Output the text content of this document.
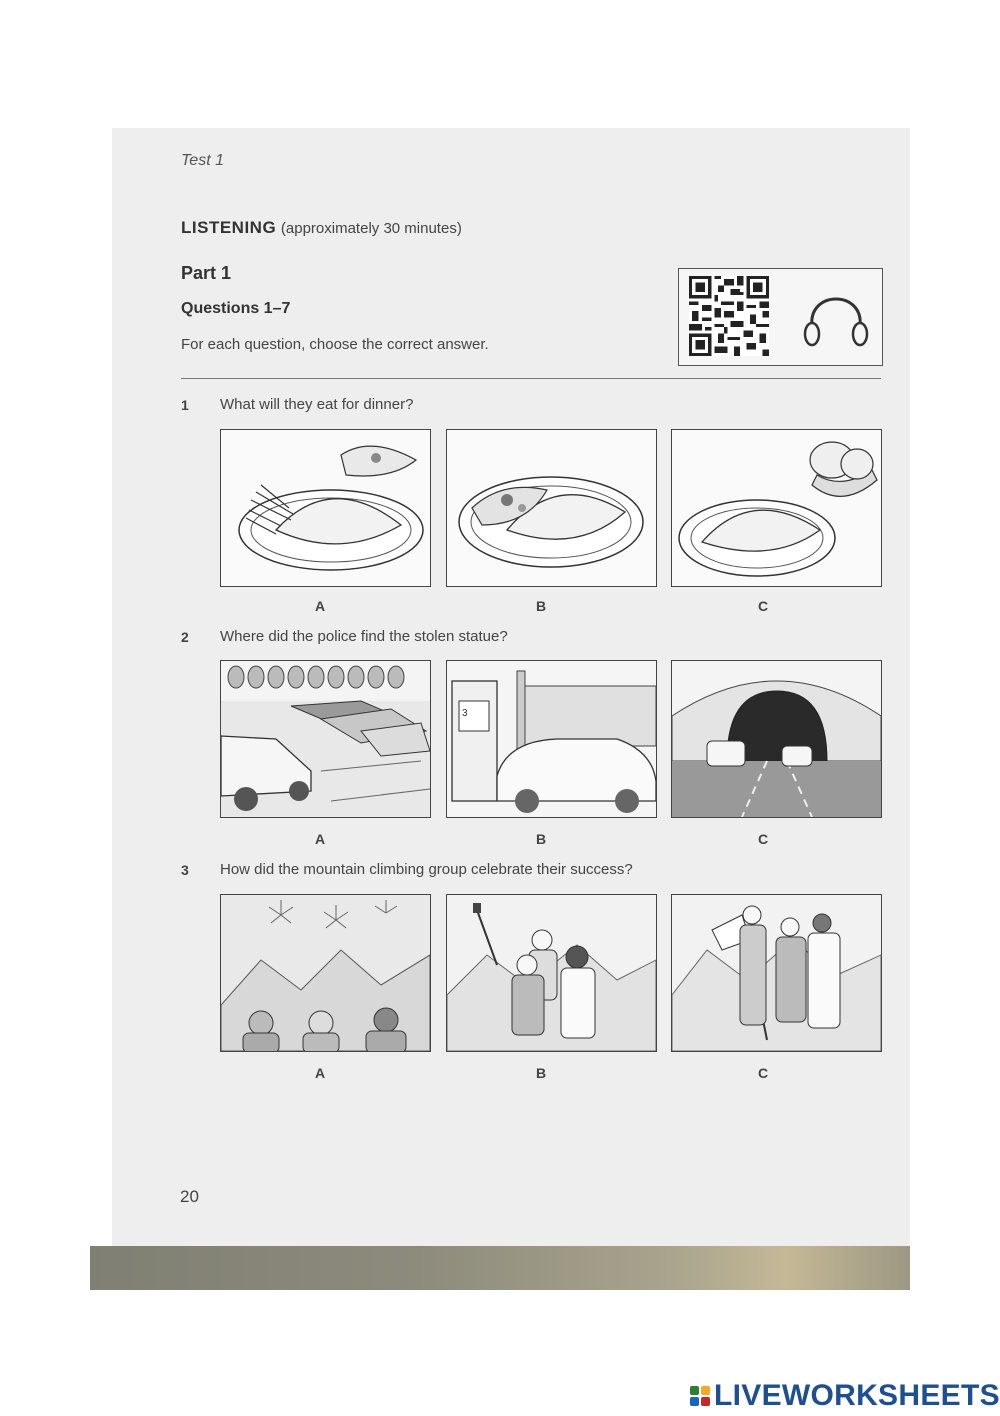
Test 1
LISTENING (approximately 30 minutes)
Part 1
Questions 1–7
For each question, choose the correct answer.
1 What will they eat for dinner?
A	B	C
2 Where did the police find the stolen statue?
3
A	B	C
3 How did the mountain climbing group celebrate their success?
A	B	C
20
LIVEWORKSHEETS
